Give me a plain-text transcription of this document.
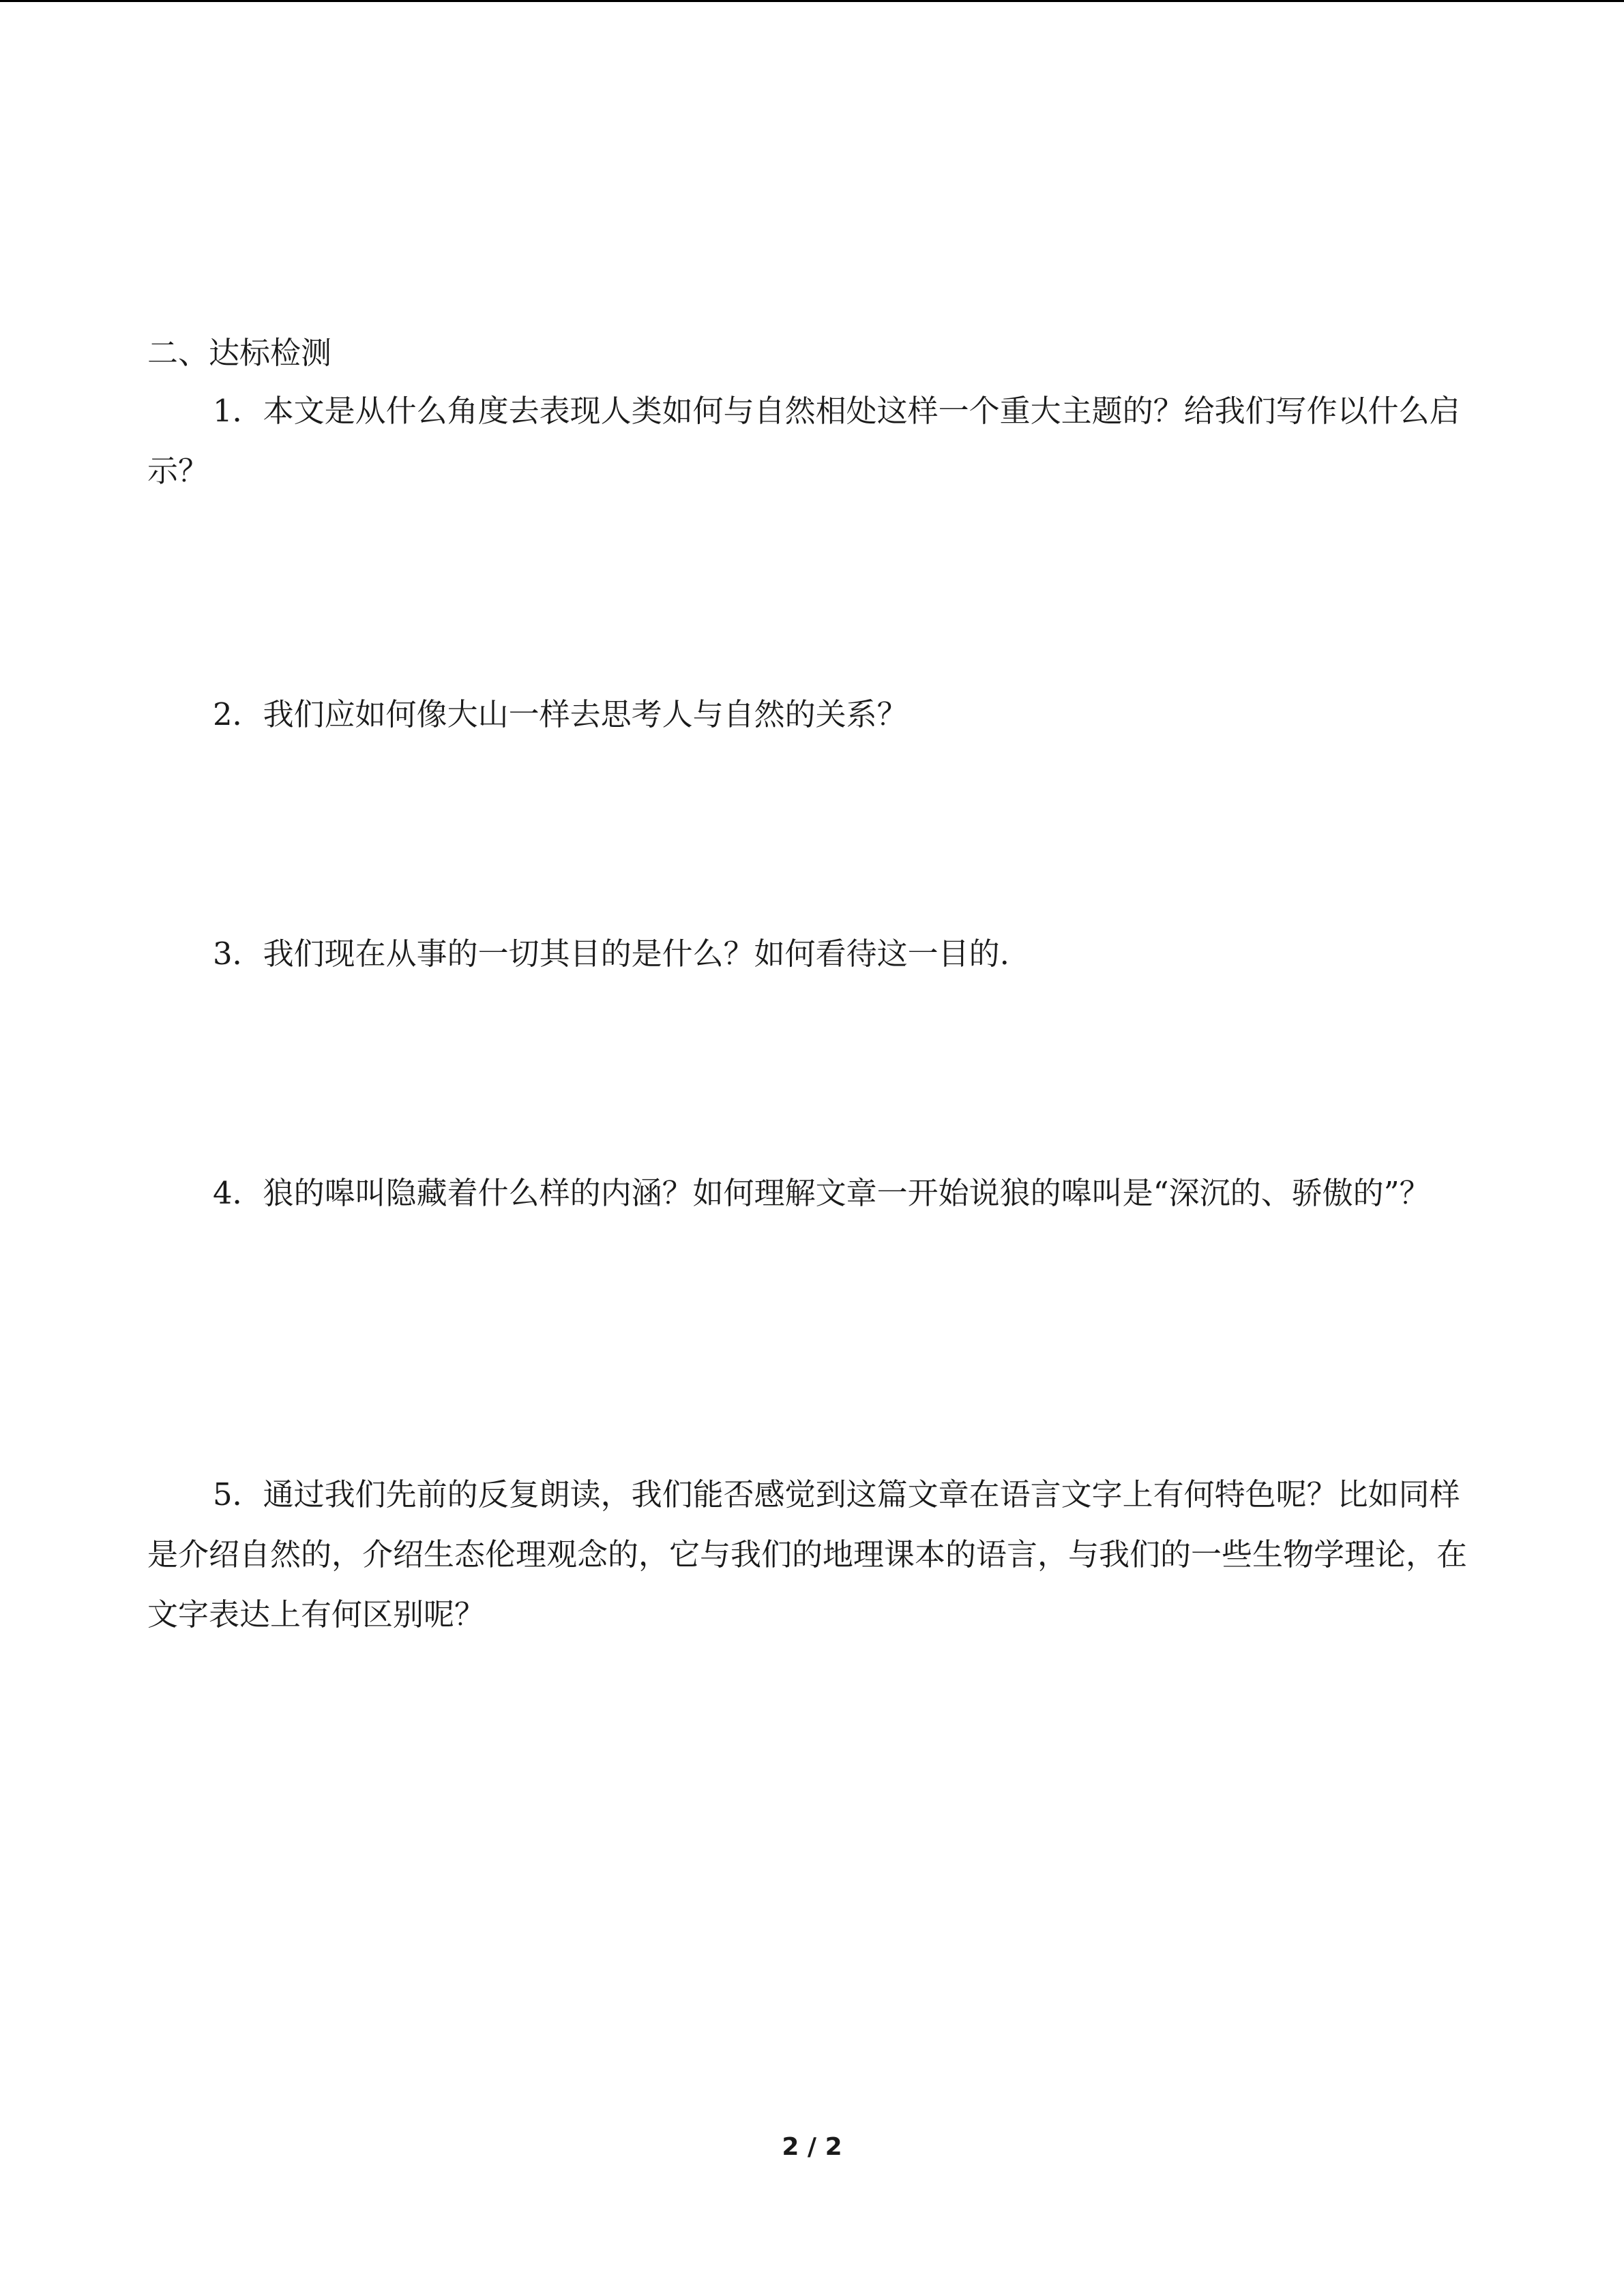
二、达标检测

1．本文是从什么角度去表现人类如何与自然相处这样一个重大主题的？给我们写作以什么启示？

2．我们应如何像大山一样去思考人与自然的关系？

3．我们现在从事的一切其目的是什么？如何看待这一目的.

4．狼的嗥叫隐藏着什么样的内涵？如何理解文章一开始说狼的嗥叫是“深沉的、骄傲的”？

5．通过我们先前的反复朗读，我们能否感觉到这篇文章在语言文字上有何特色呢？比如同样是介绍自然的，介绍生态伦理观念的，它与我们的地理课本的语言，与我们的一些生物学理论，在文字表达上有何区别呢？

2 / 2
